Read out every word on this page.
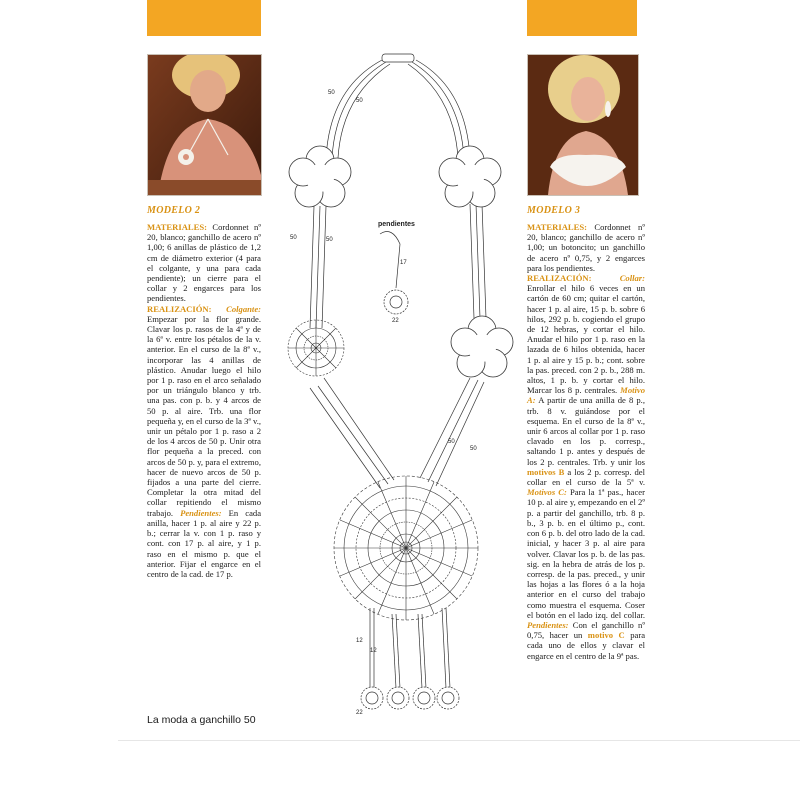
MODELO 2	MODELO 3

MATERIALES: Cordonnet nº 20, blanco; ganchillo de acero nº 1,00; 6 anillas de plástico de 1,2 cm de diámetro exterior (4 para el colgante, y una para cada pendiente); un cierre para el collar y 2 engarces para los pendientes.

REALIZACIÓN: Colgante: Empezar por la flor grande. Clavar los p. rasos de la 4ª y de la 6ª v. entre los pétalos de la v. anterior. En el curso de la 8ª v., incorporar las 4 anillas de plástico. Anudar luego el hilo por 1 p. raso en el arco señalado por un triángulo blanco y trb. una pas. con p. b. y 4 arcos de 50 p. al aire. Trb. una flor pequeña y, en el curso de la 3ª v., unir un pétalo por 1 p. raso a 2 de los 4 arcos de 50 p. Unir otra flor pequeña a la preced. con arcos de 50 p. y, para el extremo, hacer de nuevo arcos de 50 p. fijados a una parte del cierre. Completar la otra mitad del collar repitiendo el mismo trabajo. Pendientes: En cada anilla, hacer 1 p. al aire y 22 p. b.; cerrar la v. con 1 p. raso y cont. con 17 p. al aire, y 1 p. raso en el mismo p. que el anterior. Fijar el engarce en el centro de la cad. de 17 p.

MATERIALES: Cordonnet nº 20, blanco; ganchillo de acero nº 1,00; un botoncito; un ganchillo de acero nº 0,75, y 2 engarces para los pendientes.

REALIZACIÓN:	Collar: Enrollar el hilo 6 veces en un cartón de 60 cm; quitar el cartón, hacer 1 p. al aire, 15 p. b. sobre 6 hilos, 292 p. b. cogiendo el grupo de 12 hebras, y cortar el hilo. Anudar el hilo por 1 p. raso en la lazada de 6 hilos obtenida, hacer 1 p. al aire y 15 p. b.; cont. sobre la pas. preced. con 2 p. b., 288 m. altos, 1 p. b. y cortar el hilo. Marcar los 8 p. centrales. Motivo A: A partir de una anilla de 8 p., trb. 8 v. guiándose por el esquema. En el curso de la 8ª v., unir 6 arcos al collar por 1 p. raso clavado en los p. corresp., saltando 1 p. antes y después de los 2 p. centrales. Trb. y unir los motivos B a los 2 p. corresp. del collar en el curso de la 5ª v. Motivos C: Para la 1ª pas., hacer 10 p. al aire y, empezando en el 2º p. a partir del ganchillo, trb. 8 p. b., 3 p. b. en el último p., cont. con 6 p. b. del otro lado de la cad. inicial, y hacer 3 p. al aire para volver. Clavar los p. b. de las pas. sig. en la hebra de atrás de los p. corresp. de la pas. preced., y unir las hojas a las flores ó a la hoja anterior en el curso del trabajo como muestra el esquema. Coser el botón en el lado izq. del collar. Pendientes: Con el ganchillo nº 0,75, hacer un motivo C para cada uno de ellos y clavar el engarce en el centro de la 9ª pas.

50
50
50	50
50
50
pendientes
17
22
12
12
22
La moda a ganchillo 50
